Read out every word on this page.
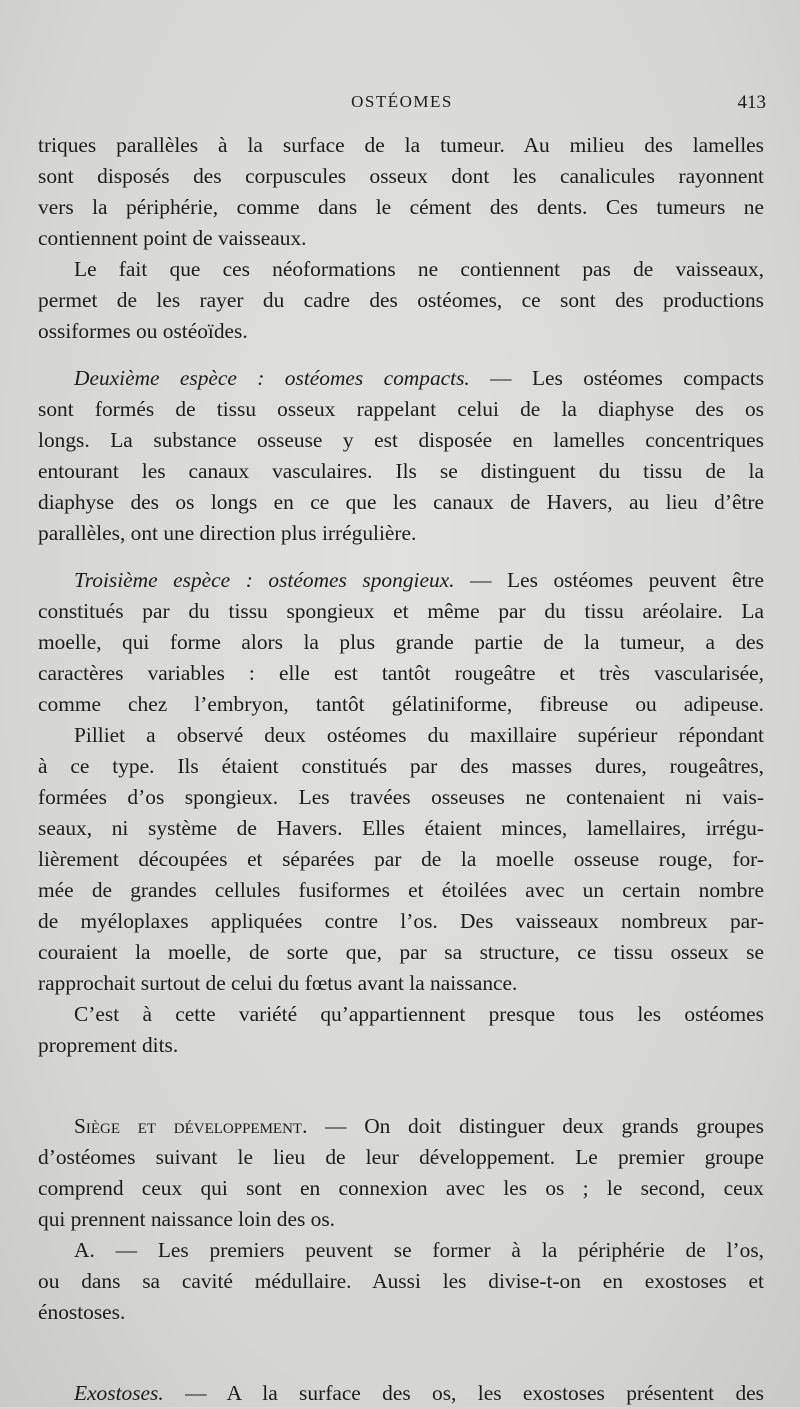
OSTÉOMES	413
triques parallèles à la surface de la tumeur. Au milieu des lamelles
sont disposés des corpuscules osseux dont les canalicules rayonnent
vers la périphérie, comme dans le cément des dents. Ces tumeurs ne
contiennent point de vaisseaux.
Le fait que ces néoformations ne contiennent pas de vaisseaux,
permet de les rayer du cadre des ostéomes, ce sont des productions
ossiformes ou ostéoïdes.
Deuxième espèce : ostéomes compacts. — Les ostéomes compacts
sont formés de tissu osseux rappelant celui de la diaphyse des os
longs. La substance osseuse y est disposée en lamelles concentriques
entourant les canaux vasculaires. Ils se distinguent du tissu de la
diaphyse des os longs en ce que les canaux de Havers, au lieu d’être
parallèles, ont une direction plus irrégulière.
Troisième espèce : ostéomes spongieux. — Les ostéomes peuvent être
constitués par du tissu spongieux et même par du tissu aréolaire. La
moelle, qui forme alors la plus grande partie de la tumeur, a des
caractères variables : elle est tantôt rougeâtre et très vascularisée,
comme chez l’embryon, tantôt gélatiniforme, fibreuse ou adipeuse.
Pilliet a observé deux ostéomes du maxillaire supérieur répondant
à ce type. Ils étaient constitués par des masses dures, rougeâtres,
formées d’os spongieux. Les travées osseuses ne contenaient ni vais-
seaux, ni système de Havers. Elles étaient minces, lamellaires, irrégu-
lièrement découpées et séparées par de la moelle osseuse rouge, for-
mée de grandes cellules fusiformes et étoilées avec un certain nombre
de myéloplaxes appliquées contre l’os. Des vaisseaux nombreux par-
couraient la moelle, de sorte que, par sa structure, ce tissu osseux se
rapprochait surtout de celui du fœtus avant la naissance.
C’est à cette variété qu’appartiennent presque tous les ostéomes
proprement dits.
Siège et développement. — On doit distinguer deux grands groupes
d’ostéomes suivant le lieu de leur développement. Le premier groupe
comprend ceux qui sont en connexion avec les os ; le second, ceux
qui prennent naissance loin des os.
A. — Les premiers peuvent se former à la périphérie de l’os,
ou dans sa cavité médullaire. Aussi les divise-t-on en exostoses et
énostoses.
Exostoses. — A la surface des os, les exostoses présentent des
